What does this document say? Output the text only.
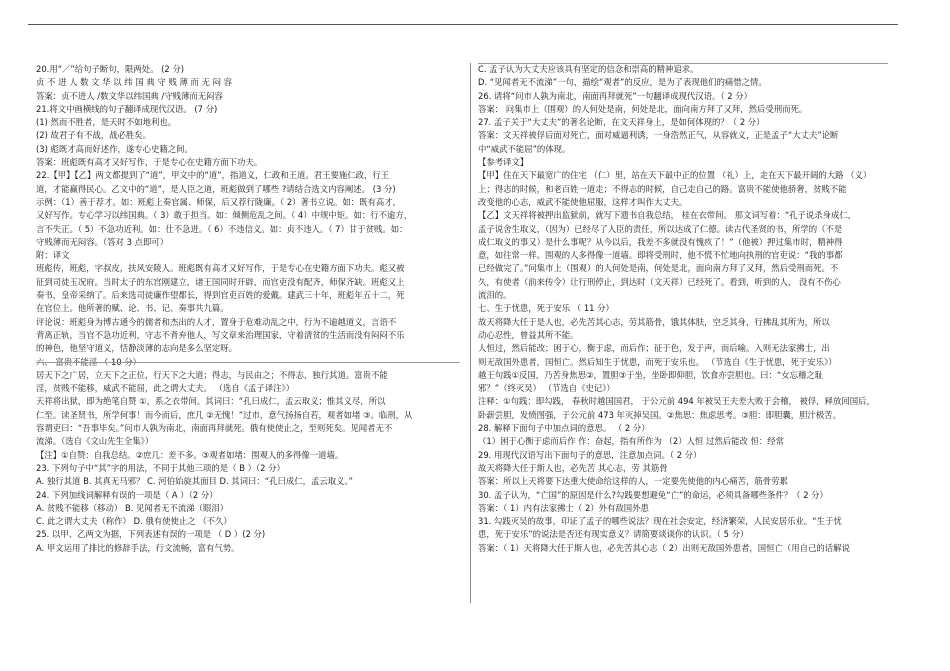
20.用“／”给句子断句，限两处。 (2 分)
贞 不 进 人 数 文 华 以 纬 国 典 守 贱 薄 而 无 闷 容
答案：贞不进人 /数文华以纬国典 /守贱薄而无闷容
21.将文中画横线的句子翻译成现代汉语。 (7 分)
(1) 然而不胜者，是天时不如地利也。
(2) 故君子有不战，战必胜矣。
(3) 彪既才高而好述作，遂专心史籍之间。
答案：班彪既有高才又好写作，于是专心在史籍方面下功夫。
22.【甲】【乙】两文都提到了“道”，甲文中的“道”，指道义，仁政和王道。君王要施仁政，行王
道，才能赢得民心。乙文中的“道”，是人臣之道，班彪做到了哪些 ?请结合选文内容阐述。 (3 分)
示例：（1）善于荐才。如：班彪上奏官属、师保，后又荐行陇廉。（ 2）著书立说。如：既有高才，
又好写作。专心学习以纬国典。（ 3）敢于担当。如：倾侧危乱之间。（ 4）中规中矩。如：行不逾方，
言不失正。（ 5）不急功近利。如：仕不急进。（ 6）不违信义。如：贞不违人。（ 7）甘于贫贱。如：
守贱薄而无闷容。（答对 3 点即可）
附：译文
班彪传，班彪，字叔皮，扶风安陵人。班彪既有高才又好写作，于是专心在史籍方面下功夫。彪又被
征到司徒玉况府。当时太子的东宫刚建立，诸王国同时开辟，而官吏没有配齐，师保齐缺。班彪又上
奏书，皇帝采纳了。后来选司徒廉作望都长，得到官吏百姓的爱戴。建武三十年，班彪年五十二，死
在官位上。他所著的赋、论、书、记、奏事共九篇。
评论说：班彪身为博古通今的儒者和杰出的人才，置身于危难动乱之中，行为不逾越道义，言语不
背离正轨，当官不急功近利，守志不背弃他人，写文章来治理国家，守着清贫的生活而没有闷闷不乐
的神色，他坚守道义，恬静淡薄的志向是多么坚定呀。
居天下之广居，立天下之正位，行天下之大道；得志，与民由之；不得志，独行其道。富贵不能
淫，贫贱不能移，威武不能屈，此之谓大丈夫。 （选自《孟子译注》）
天祥将出狱，即为绝笔自赞 ①，系之衣带间。其词曰：“孔曰成仁，孟云取义；惟其义尽，所以
仁至。读圣贤书，所学何事！而今而后，庶几 ②无愧！”过市，意气扬扬自若，观者如堵 ③。临刑，从
容谓吏曰：“吾事毕矣。”问市人孰为南北，南面再拜就死。俄有使使止之，至则死矣。见闻者无不
流涕。（选自《文山先生全集》）
【注】①自赞：自我总结。②庶几：差不多。③观者如堵：围观人的多得像一道墙。
23. 下列句子中“其”字的用法，不同于其他三项的是（ B ）（2 分）
A. 独行其道 B. 其真无马邪？ C. 河伯始旋其面目 D. 其词曰：“孔曰成仁，孟云取义。”
24. 下列加线词解释有误的一项是（ A ）（2 分）
A. 贫贱不能移（移动） B. 见闻者无不流涕（眼泪）
C. 此之谓大丈夫（称作） D. 俄有使使止之 （不久）
25. 以甲、乙两文为据，下列表述有误的一项是 （ D ）(2 分)
A. 甲文运用了排比的修辞手法，行文流畅，富有气势。
C. 孟子认为大丈夫应该具有坚定的信念和崇高的精神追求。
D. “见闻者无不流涕”一句，描绘“观者”的反应，是为了表现他们的痛惜之情。
26. 请将“问市人孰为南北，南面再拜就死”一句翻译成现代汉语。（ 2 分）
答案： 问集市上（围观）的人何处是南，何处是北，面向南方拜了又拜，然后受刑而死。
27. 孟子关于“大丈夫”的著名论断，在文天祥身上，是如何体现的？（ 2 分）
答案：文天祥被俘后面对死亡，面对威逼利诱，一身浩然正气，从容就义，正是孟子“大丈夫”论断
中“威武不能屈”的体现。
【参考译文】
【甲】住在天下最宽广的住宅 （仁）里，站在天下最中正的位置 （礼）上，走在天下最开阔的大路 （义）
上；得志的时候，和老百姓一道走；不得志的时候，自己走自己的路。富贵不能使他骄奢，贫贱不能
改变他的心志，威武不能使他屈服，这样才叫作大丈夫。
【乙】文天祥将被押出监狱前，就写下遗书自我总结， 桂在衣带间。 那文词写着：“孔子说杀身成仁，
孟子说舍生取义，（因为）已经尽了人臣的责任，所以达成了仁德。读古代圣贤的书，所学的（不是
成仁取义的事又）是什么事呢？从今以后，我差不多就没有愧疚了！”（他被）押过集市时，精神得
意，如往常一样。围观的人多得像一道墙。即将受刑时，他不慌不忙地向执刑的官吏说：“我的事都
已经做完了。”问集市上（围观）的人何处是南，何处是北，面向南方拜了又拜，然后受刑而死。不
久，有使者（前来传令）让行刑停止，到达时（文天祥）已经死了。看到，听到的人， 没有不伤心
流泪的。
七、生于忧患，死于安乐 （ 11 分）
故天将降大任于是人也，必先苦其心志，劳其筋骨，饿其体肤，空乏其身，行拂乱其所为，所以
动心忍性，曾益其所不能。
人恒过，然后能改；困于心，衡于虑，而后作；征于色，发于声，而后喻。入则无法家拂士，出
则无敌国外患者，国恒亡。然后知生于忧患，而死于安乐也。 （节选自《生于忧患，死于安乐》）
越王句践①反国，乃苦身焦思②，置胆③于坐，坐卧即仰胆，饮食亦尝胆也。曰：“女忘稽之耻
邪？”（终灭吴） （节选自《史记》）
注释：①句践：即勾践， 春秋时越国国君， 于公元前 494 年被吴王夫差大败于会稽， 被俘，释放回国后，
卧薪尝胆，发愤图强，于公元前 473 年灭掉吴国。②焦思：焦虑思考。③胆：即胆囊，胆汁极苦。
28. 解释下面句子中加点词的意思。 （ 2 分）
（1）困于心衡于虑而后作 作：奋起，指有所作为 （2）人恒 过然后能改 恒：经常
29. 用现代汉语写出下面句子的意思，注意加点词。（ 2 分）
故天将降大任于斯人也，必先苦 其心志，劳 其筋骨
答案：所以上天将要下达重大使命给这样的人，一定要先使他的内心痛苦，筋骨劳累
30. 孟子认为，“亡国”的原因是什么?勾践要想避免“亡”的命运，必须具备哪些条件？（ 2 分）
答案：（ 1）内有法家拂士（ 2）外有敌国外患
31. 勾践灭吴的故事，印证了孟子的哪些说法？现在社会安定，经济繁荣，人民安居乐业。“生于忧
患，死于安乐”的说法是否还有现实意义？请简要谈谈你的认识。（ 5 分）
答案：（ 1）天将降大任于斯人也，必先苦其心志（ 2）出则无敌国外患者，国恒亡（用自己的话解说
